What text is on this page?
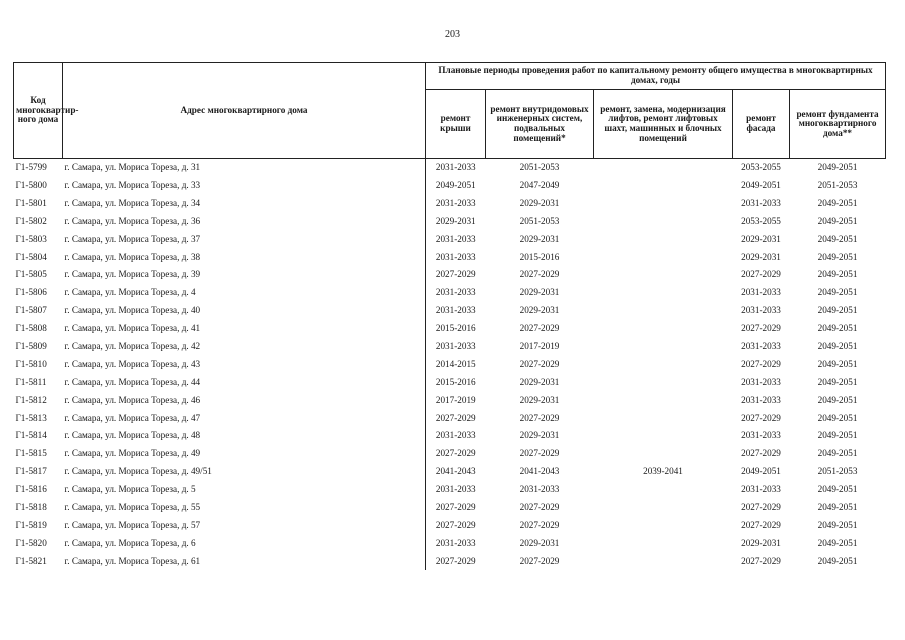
203
Код многоквартир-ного дома	Адрес многоквартирного дома	Плановые периоды проведения работ по капитальному ремонту общего имущества в многоквартирных домах, годы				
		ремонт крыши	ремонт внутридомовых инженерных систем, подвальных помещений*	ремонт, замена, модернизация лифтов, ремонт лифтовых шахт, машинных и блочных помещений	ремонт фасада	ремонт фундамента многоквартирного дома**
Г1-5799	г. Самара, ул. Мориса Тореза, д. 31	2031-2033	2051-2053		2053-2055	2049-2051
Г1-5800	г. Самара, ул. Мориса Тореза, д. 33	2049-2051	2047-2049		2049-2051	2051-2053
Г1-5801	г. Самара, ул. Мориса Тореза, д. 34	2031-2033	2029-2031		2031-2033	2049-2051
Г1-5802	г. Самара, ул. Мориса Тореза, д. 36	2029-2031	2051-2053		2053-2055	2049-2051
Г1-5803	г. Самара, ул. Мориса Тореза, д. 37	2031-2033	2029-2031		2029-2031	2049-2051
Г1-5804	г. Самара, ул. Мориса Тореза, д. 38	2031-2033	2015-2016		2029-2031	2049-2051
Г1-5805	г. Самара, ул. Мориса Тореза, д. 39	2027-2029	2027-2029		2027-2029	2049-2051
Г1-5806	г. Самара, ул. Мориса Тореза, д. 4	2031-2033	2029-2031		2031-2033	2049-2051
Г1-5807	г. Самара, ул. Мориса Тореза, д. 40	2031-2033	2029-2031		2031-2033	2049-2051
Г1-5808	г. Самара, ул. Мориса Тореза, д. 41	2015-2016	2027-2029		2027-2029	2049-2051
Г1-5809	г. Самара, ул. Мориса Тореза, д. 42	2031-2033	2017-2019		2031-2033	2049-2051
Г1-5810	г. Самара, ул. Мориса Тореза, д. 43	2014-2015	2027-2029		2027-2029	2049-2051
Г1-5811	г. Самара, ул. Мориса Тореза, д. 44	2015-2016	2029-2031		2031-2033	2049-2051
Г1-5812	г. Самара, ул. Мориса Тореза, д. 46	2017-2019	2029-2031		2031-2033	2049-2051
Г1-5813	г. Самара, ул. Мориса Тореза, д. 47	2027-2029	2027-2029		2027-2029	2049-2051
Г1-5814	г. Самара, ул. Мориса Тореза, д. 48	2031-2033	2029-2031		2031-2033	2049-2051
Г1-5815	г. Самара, ул. Мориса Тореза, д. 49	2027-2029	2027-2029		2027-2029	2049-2051
Г1-5817	г. Самара, ул. Мориса Тореза, д. 49/51	2041-2043	2041-2043	2039-2041	2049-2051	2051-2053
Г1-5816	г. Самара, ул. Мориса Тореза, д. 5	2031-2033	2031-2033		2031-2033	2049-2051
Г1-5818	г. Самара, ул. Мориса Тореза, д. 55	2027-2029	2027-2029		2027-2029	2049-2051
Г1-5819	г. Самара, ул. Мориса Тореза, д. 57	2027-2029	2027-2029		2027-2029	2049-2051
Г1-5820	г. Самара, ул. Мориса Тореза, д. 6	2031-2033	2029-2031		2029-2031	2049-2051
Г1-5821	г. Самара, ул. Мориса Тореза, д. 61	2027-2029	2027-2029		2027-2029	2049-2051
